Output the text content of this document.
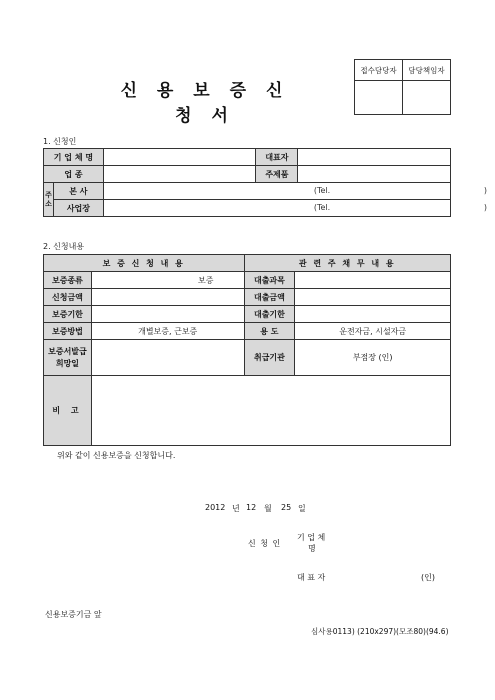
신 용 보 증 신 청 서
접수담당자	담당책임자

1. 신청인
기 업 체 명			대표자	
업 종			주제품	
주 소	본 사	(Tel. )		

	사업장	(Tel. )		
2. 신청내용
보 증 신 청 내 용		관 련 주 채 무 내 용	
보증종류	보증	대출과목	
신청금액		대출금액	
보증기한		대출기한	
보증방법	개별보증, 근보증	용 도	운전자금, 시설자금
보증서발급
희망일		취급기관	부점장 (인)
비 고			
위와 같이 신용보증을 신청합니다.
2012 년 12 월 25 일
신 청 인
기 업 체
명
대 표 자	(인)
신용보증기금 앞
심사용0113) (210x297)(모조80)(94.6)
